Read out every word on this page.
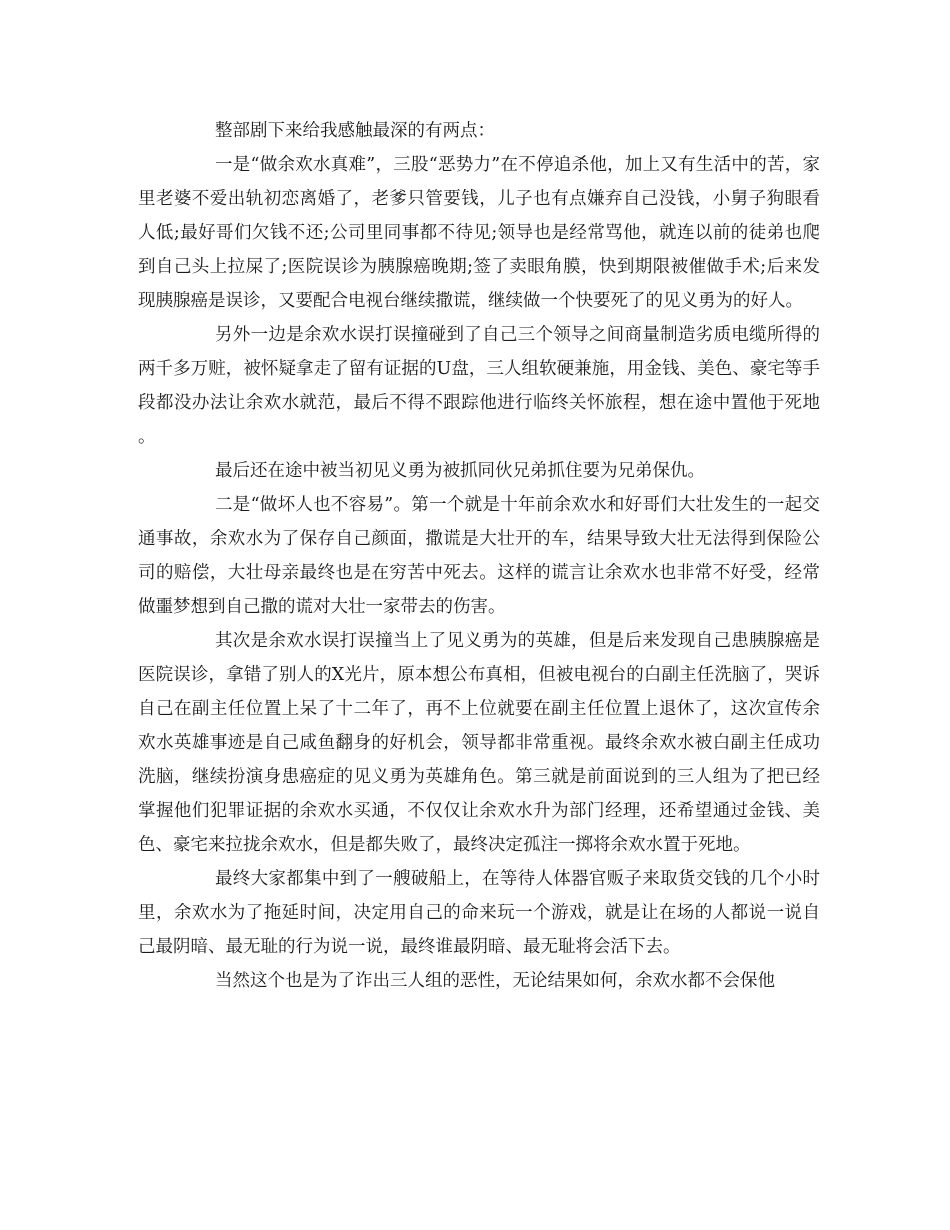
整部剧下来给我感触最深的有两点：

一是“做余欢水真难”，三股“恶势力”在不停追杀他，加上又有生活中的苦，家里老婆不爱出轨初恋离婚了，老爹只管要钱，儿子也有点嫌弃自己没钱，小舅子狗眼看人低;最好哥们欠钱不还;公司里同事都不待见;领导也是经常骂他，就连以前的徒弟也爬到自己头上拉屎了;医院误诊为胰腺癌晚期;签了卖眼角膜，快到期限被催做手术;后来发现胰腺癌是误诊，又要配合电视台继续撒谎，继续做一个快要死了的见义勇为的好人。

另外一边是余欢水误打误撞碰到了自己三个领导之间商量制造劣质电缆所得的两千多万赃，被怀疑拿走了留有证据的U盘，三人组软硬兼施，用金钱、美色、豪宅等手段都没办法让余欢水就范，最后不得不跟踪他进行临终关怀旅程，想在途中置他于死地。

最后还在途中被当初见义勇为被抓同伙兄弟抓住要为兄弟保仇。

二是“做坏人也不容易”。第一个就是十年前余欢水和好哥们大壮发生的一起交通事故，余欢水为了保存自己颜面，撒谎是大壮开的车，结果导致大壮无法得到保险公司的赔偿，大壮母亲最终也是在穷苦中死去。这样的谎言让余欢水也非常不好受，经常做噩梦想到自己撒的谎对大壮一家带去的伤害。

其次是余欢水误打误撞当上了见义勇为的英雄，但是后来发现自己患胰腺癌是医院误诊，拿错了别人的X光片，原本想公布真相，但被电视台的白副主任洗脑了，哭诉自己在副主任位置上呆了十二年了，再不上位就要在副主任位置上退休了，这次宣传余欢水英雄事迹是自己咸鱼翻身的好机会，领导都非常重视。最终余欢水被白副主任成功洗脑，继续扮演身患癌症的见义勇为英雄角色。第三就是前面说到的三人组为了把已经掌握他们犯罪证据的余欢水买通，不仅仅让余欢水升为部门经理，还希望通过金钱、美色、豪宅来拉拢余欢水，但是都失败了，最终决定孤注一掷将余欢水置于死地。

最终大家都集中到了一艘破船上，在等待人体器官贩子来取货交钱的几个小时里，余欢水为了拖延时间，决定用自己的命来玩一个游戏，就是让在场的人都说一说自己最阴暗、最无耻的行为说一说，最终谁最阴暗、最无耻将会活下去。

当然这个也是为了诈出三人组的恶性，无论结果如何，余欢水都不会保他
